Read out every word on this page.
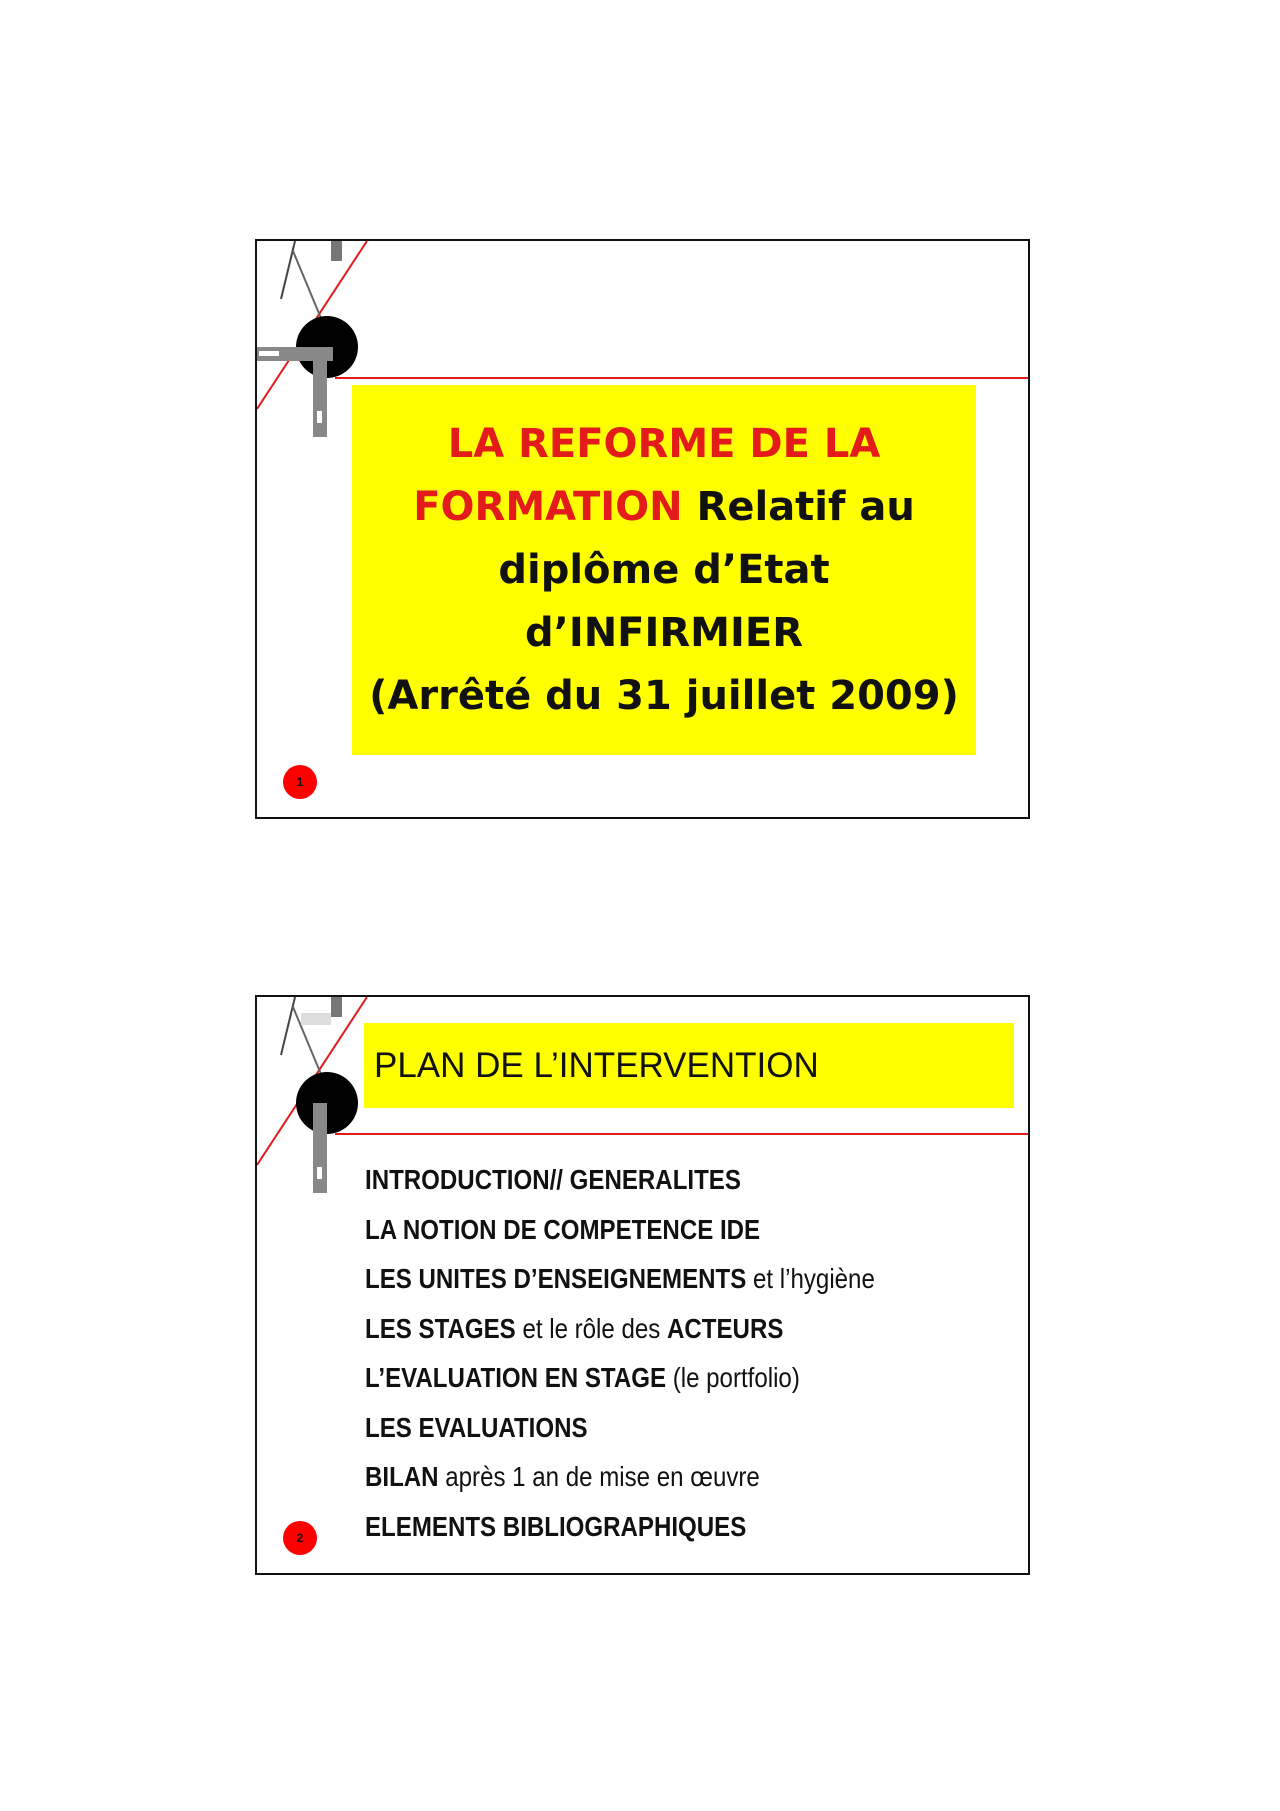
LA REFORME DE LA
FORMATION Relatif au
diplôme d’Etat d’INFIRMIER
(Arrêté du 31 juillet 2009)
1
PLAN DE L’INTERVENTION
INTRODUCTION// GENERALITES
LA NOTION DE COMPETENCE IDE
LES UNITES D’ENSEIGNEMENTS et l’hygiène
LES STAGES et le rôle des ACTEURS
L’EVALUATION EN STAGE (le portfolio)
LES EVALUATIONS
BILAN après 1 an de mise en œuvre
ELEMENTS BIBLIOGRAPHIQUES
2
